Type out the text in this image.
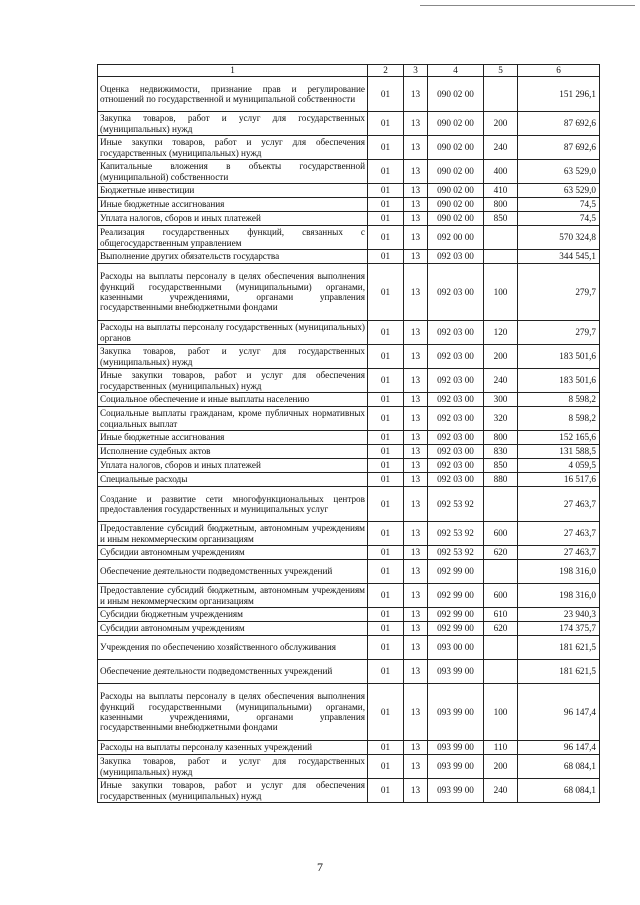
1	2	3	4	5	6
Оценка недвижимости, признание прав и регулирование отношений по государственной и муниципальной собственности	01	13	090 02 00		151 296,1
Закупка товаров, работ и услуг для государственных (муниципальных) нужд	01	13	090 02 00	200	87 692,6
Иные закупки товаров, работ и услуг для обеспечения государственных (муниципальных) нужд	01	13	090 02 00	240	87 692,6
Капитальные вложения в объекты государственной (муниципальной) собственности	01	13	090 02 00	400	63 529,0
Бюджетные инвестиции	01	13	090 02 00	410	63 529,0
Иные бюджетные ассигнования	01	13	090 02 00	800	74,5
Уплата налогов, сборов и иных платежей	01	13	090 02 00	850	74,5
Реализация государственных функций, связанных с общегосударственным управлением	01	13	092 00 00		570 324,8
Выполнение других обязательств государства	01	13	092 03 00		344 545,1
Расходы на выплаты персоналу в целях обеспечения выполнения функций государственными (муниципальными) органами, казенными учреждениями, органами управления государственными внебюджетными фондами	01	13	092 03 00	100	279,7
Расходы на выплаты персоналу государственных (муниципальных) органов	01	13	092 03 00	120	279,7
Закупка товаров, работ и услуг для государственных (муниципальных) нужд	01	13	092 03 00	200	183 501,6
Иные закупки товаров, работ и услуг для обеспечения государственных (муниципальных) нужд	01	13	092 03 00	240	183 501,6
Социальное обеспечение и иные выплаты населению	01	13	092 03 00	300	8 598,2
Социальные выплаты гражданам, кроме публичных нормативных социальных выплат	01	13	092 03 00	320	8 598,2
Иные бюджетные ассигнования	01	13	092 03 00	800	152 165,6
Исполнение судебных актов	01	13	092 03 00	830	131 588,5
Уплата налогов, сборов и иных платежей	01	13	092 03 00	850	4 059,5
Специальные расходы	01	13	092 03 00	880	16 517,6
Создание и развитие сети многофункциональных центров предоставления государственных и муниципальных услуг	01	13	092 53 92		27 463,7
Предоставление субсидий бюджетным, автономным учреждениям и иным некоммерческим организациям	01	13	092 53 92	600	27 463,7
Субсидии автономным учреждениям	01	13	092 53 92	620	27 463,7
Обеспечение деятельности подведомственных учреждений	01	13	092 99 00		198 316,0
Предоставление субсидий бюджетным, автономным учреждениям и иным некоммерческим организациям	01	13	092 99 00	600	198 316,0
Субсидии бюджетным учреждениям	01	13	092 99 00	610	23 940,3
Субсидии автономным учреждениям	01	13	092 99 00	620	174 375,7
Учреждения по обеспечению хозяйственного обслуживания	01	13	093 00 00		181 621,5
Обеспечение деятельности подведомственных учреждений	01	13	093 99 00		181 621,5
Расходы на выплаты персоналу в целях обеспечения выполнения функций государственными (муниципальными) органами, казенными учреждениями, органами управления государственными внебюджетными фондами	01	13	093 99 00	100	96 147,4
Расходы на выплаты персоналу казенных учреждений	01	13	093 99 00	110	96 147,4
Закупка товаров, работ и услуг для государственных (муниципальных) нужд	01	13	093 99 00	200	68 084,1
Иные закупки товаров, работ и услуг для обеспечения государственных (муниципальных) нужд	01	13	093 99 00	240	68 084,1
7
